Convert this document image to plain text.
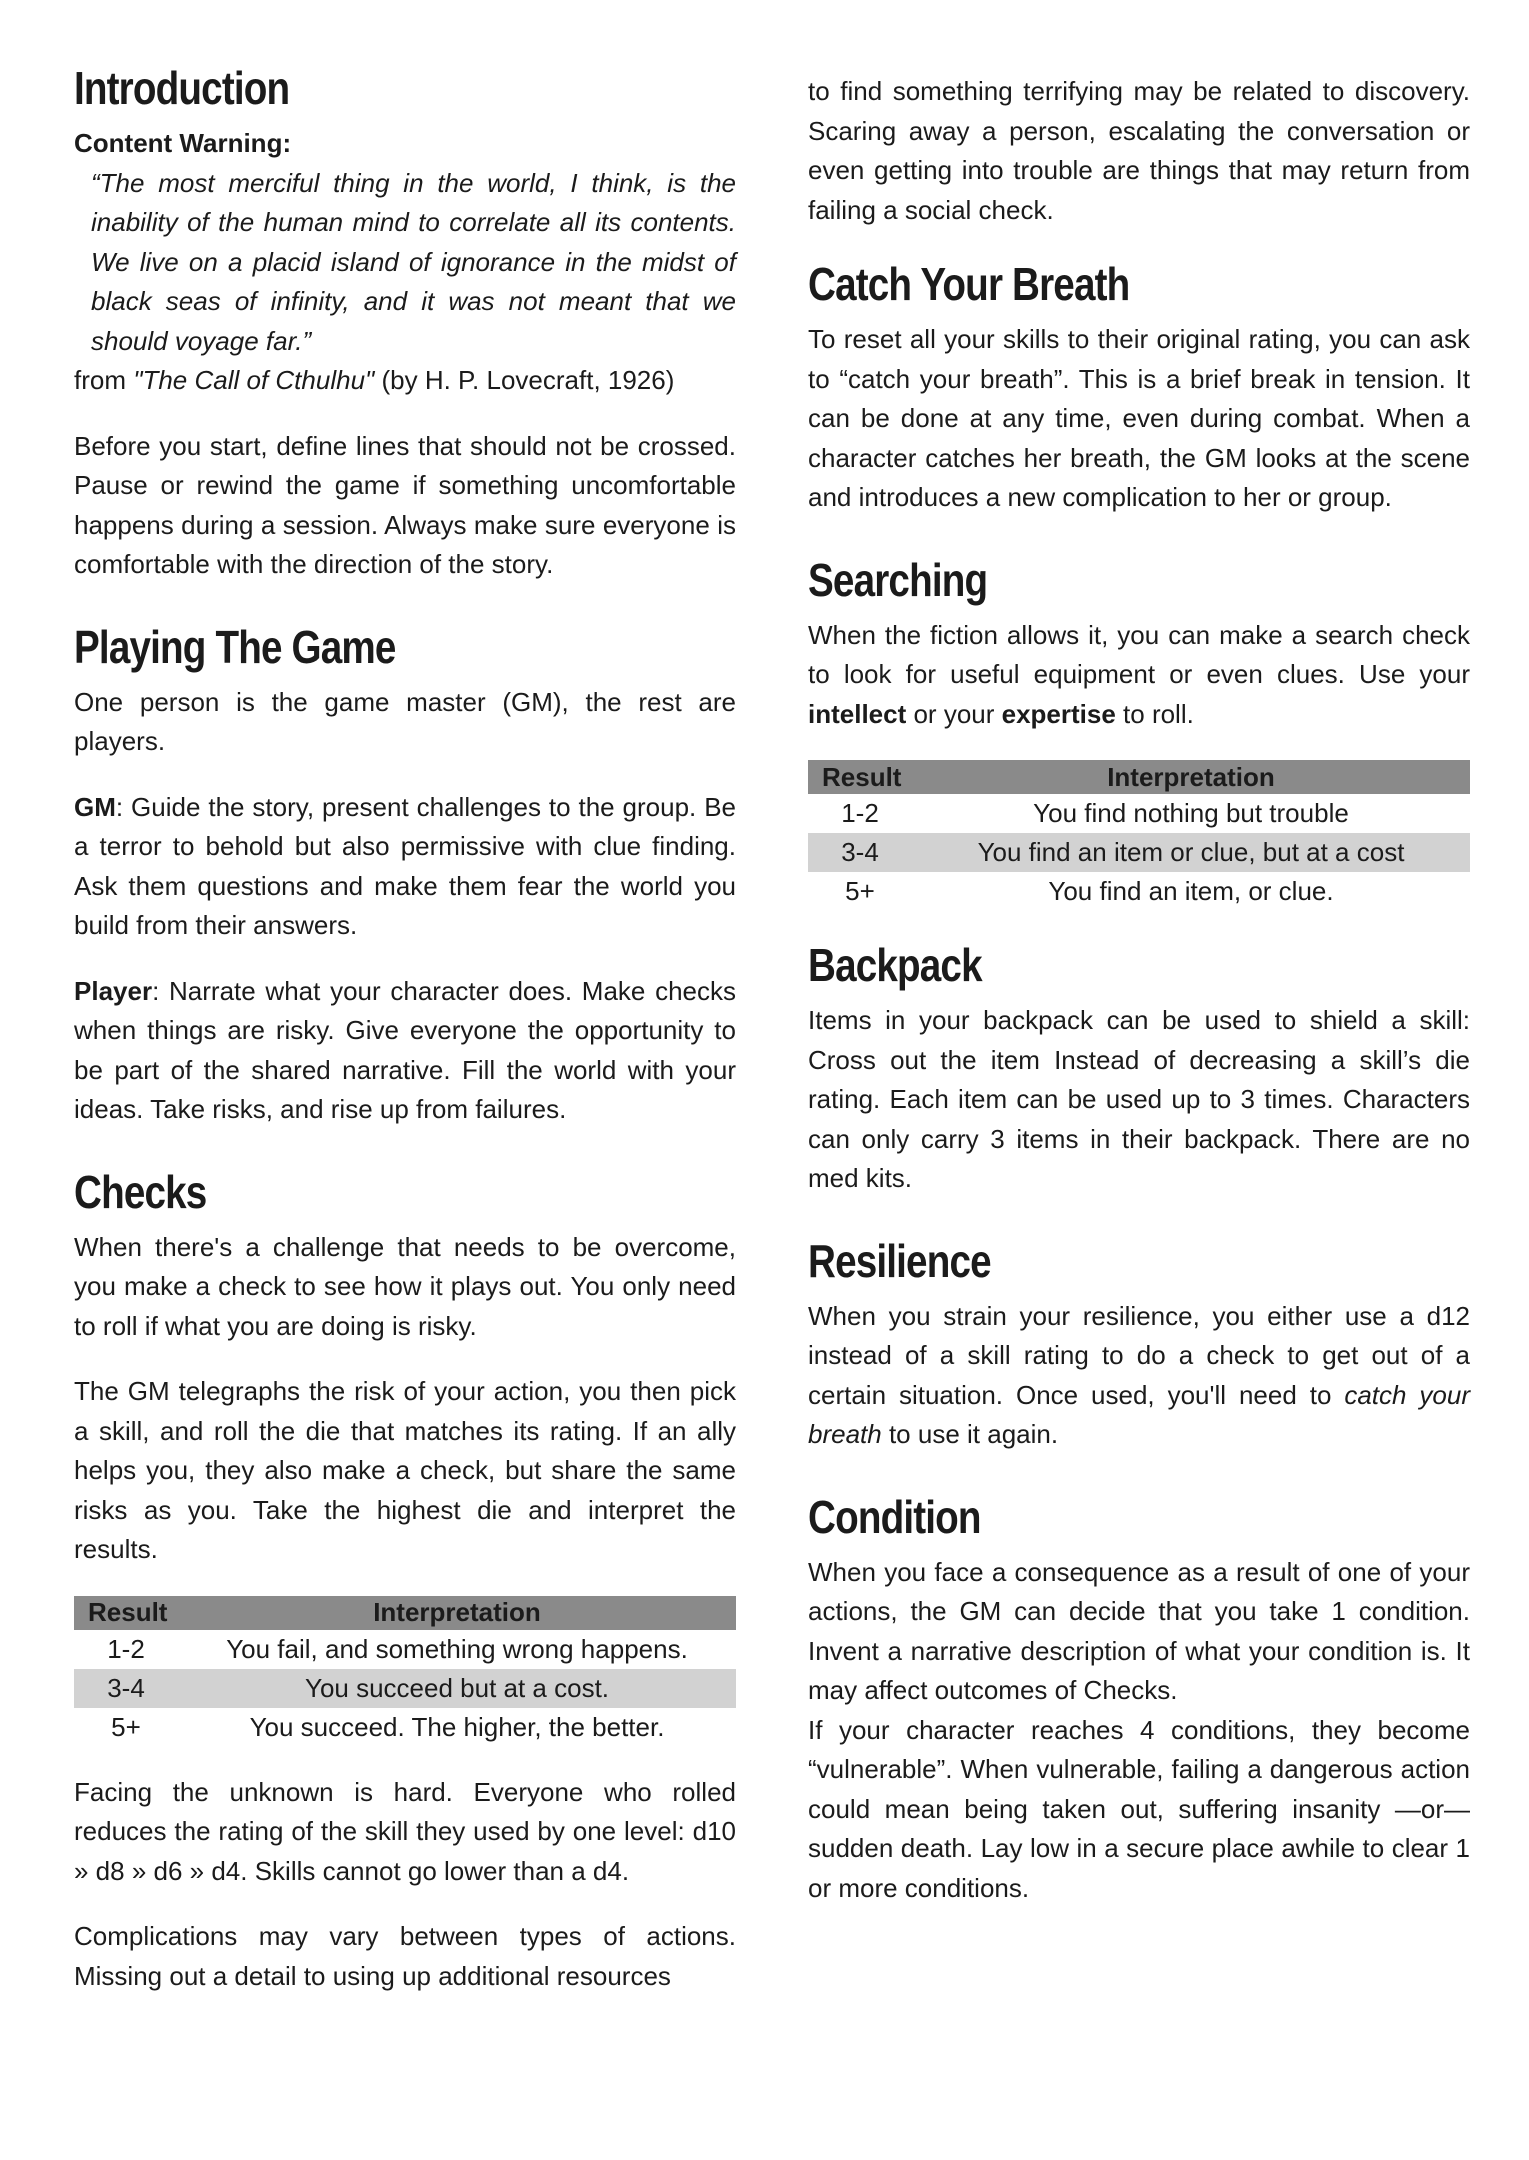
Introduction
Content Warning:
“The most merciful thing in the world, I think, is the inability of the human mind to correlate all its contents. We live on a placid island of ignorance in the midst of black seas of infinity, and it was not meant that we should voyage far.”
from "The Call of Cthulhu" (by H. P. Lovecraft, 1926)

Before you start, define lines that should not be crossed. Pause or rewind the game if something uncomfortable happens during a session. Always make sure everyone is comfortable with the direction of the story.

Playing The Game

One person is the game master (GM), the rest are players.

GM: Guide the story, present challenges to the group. Be a terror to behold but also permissive with clue finding. Ask them questions and make them fear the world you build from their answers.

Player: Narrate what your character does. Make checks when things are risky. Give everyone the opportunity to be part of the shared narrative. Fill the world with your ideas. Take risks, and rise up from failures.

Checks

When there's a challenge that needs to be overcome, you make a check to see how it plays out. You only need to roll if what you are doing is risky.

The GM telegraphs the risk of your action, you then pick a skill, and roll the die that matches its rating. If an ally helps you, they also make a check, but share the same risks as you. Take the highest die and interpret the results.

Result	Interpretation
1-2	You fail, and something wrong happens.
3-4	You succeed but at a cost.
5+	You succeed. The higher, the better.

Facing the unknown is hard. Everyone who rolled reduces the rating of the skill they used by one level: d10 » d8 » d6 » d4. Skills cannot go lower than a d4.

Complications may vary between types of actions. Missing out a detail to using up additional resources

to find something terrifying may be related to discovery. Scaring away a person, escalating the conversation or even getting into trouble are things that may return from failing a social check.

Catch Your Breath

To reset all your skills to their original rating, you can ask to “catch your breath”. This is a brief break in tension. It can be done at any time, even during combat. When a character catches her breath, the GM looks at the scene and introduces a new complication to her or group.

Searching

When the fiction allows it, you can make a search check to look for useful equipment or even clues. Use your intellect or your expertise to roll.

Result	Interpretation
1-2	You find nothing but trouble
3-4	You find an item or clue, but at a cost
5+	You find an item, or clue.
Backpack

Items in your backpack can be used to shield a skill: Cross out the item Instead of decreasing a skill’s die rating. Each item can be used up to 3 times. Characters can only carry 3 items in their backpack. There are no med kits.

Resilience

When you strain your resilience, you either use a d12 instead of a skill rating to do a check to get out of a certain situation. Once used, you'll need to catch your breath to use it again.

Condition

When you face a consequence as a result of one of your actions, the GM can decide that you take 1 condition. Invent a narrative description of what your condition is. It may affect outcomes of Checks.

If your character reaches 4 conditions, they become “vulnerable”. When vulnerable, failing a dangerous action could mean being taken out, suffering insanity —or— sudden death. Lay low in a secure place awhile to clear 1 or more conditions.
